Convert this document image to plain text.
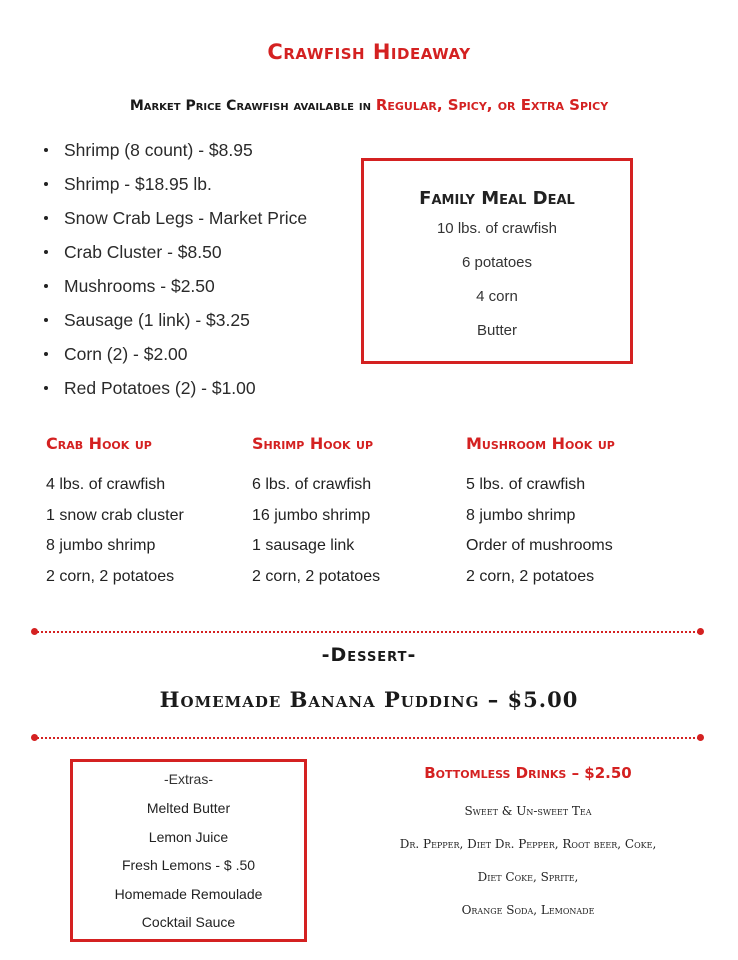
Crawfish Hideaway
Market Price Crawfish available in Regular, Spicy, or Extra Spicy
Shrimp (8 count) - $8.95
Shrimp - $18.95 lb.
Snow Crab Legs - Market Price
Crab Cluster - $8.50
Mushrooms - $2.50
Sausage (1 link) - $3.25
Corn (2) - $2.00
Red Potatoes (2) - $1.00
Family Meal Deal
10 lbs. of crawfish
6 potatoes
4 corn
Butter
Crab Hook up
4 lbs. of crawfish
1 snow crab cluster
8 jumbo shrimp
2 corn, 2 potatoes
Shrimp Hook up
6 lbs. of crawfish
16 jumbo shrimp
1 sausage link
2 corn, 2 potatoes
Mushroom Hook up
5 lbs. of crawfish
8 jumbo shrimp
Order of mushrooms
2 corn, 2 potatoes
-Dessert-
Homemade Banana Pudding – $5.00
-Extras-
Melted Butter
Lemon Juice
Fresh Lemons - $ .50
Homemade Remoulade
Cocktail Sauce
Bottomless Drinks – $2.50
Sweet & Un-sweet Tea
Dr. Pepper, Diet Dr. Pepper, Root beer, Coke,
Diet Coke, Sprite,
Orange Soda, Lemonade
